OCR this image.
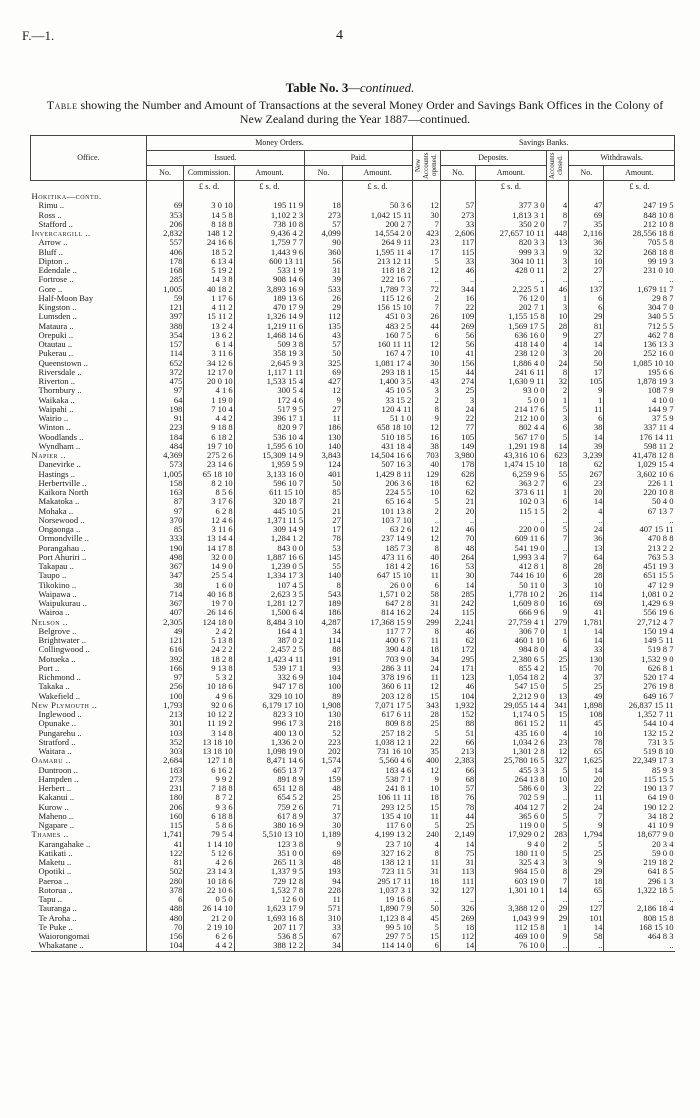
F.—1.	4
Table No. 3—continued.
Table showing the Number and Amount of Transactions at the several Money Order and Savings Bank Offices in the Colony of New Zealand during the Year 1887—continued.
Office.	Money Orders.					Savings Banks.					
	Issued.			Paid.		New Accounts opened.	Deposits.		Accounts closed.	Withdrawals.	
	No.	Commission.	Amount.	No.	Amount.		No.	Amount.		No.	Amount.
		£ s. d.	£ s. d.		£ s. d.			£ s. d.			£ s. d.
Hokitika—contd.											
Rimu ..	69	3 0 10	195 11 9	18	50 3 6	12	57	377 3 0	4	47	247 19 5
Ross ..	353	14 5 8	1,102 2 3	273	1,042 15 11	30	273	1,813 3 1	8	69	848 10 8
Stafford ..	206	8 18 8	738 10 8	57	200 2 7	7	33	350 2 0	7	35	212 10 8
Invercargill ..	2,832	148 1 2	9,436 4 2	4,099	14,554 2 0	423	2,606	27,657 10 11	448	2,116	28,556 18 8
Arrow ..	557	24 16 6	1,759 7 7	90	264 9 11	23	117	820 3 3	13	36	705 5 8
Bluff ..	406	18 5 2	1,443 9 6	360	1,595 11 4	17	115	999 3 3	9	32	268 18 8
Dipton ..	178	6 13 4	600 13 11	56	213 12 11	5	33	304 10 11	3	10	99 19 3
Edendale ..	168	5 19 2	533 1 9	31	118 18 2	12	46	428 0 11	2	27	231 0 10
Fortrose ..	285	14 3 8	908 14 6	39	222 16 7	..	..	..	..	..	..
Gore ..	1,005	40 18 2	3,893 16 9	533	1,789 7 3	72	344	2,225 5 1	46	137	1,679 11 7
Half-Moon Bay	59	1 17 6	189 13 6	26	115 12 6	2	16	76 12 0	1	6	29 8 7
Kingston ..	121	4 11 2	470 17 9	29	156 15 10	7	22	202 7 1	3	6	304 7 0
Lumsden ..	397	15 11 2	1,326 14 9	112	451 0 3	26	109	1,155 15 8	10	29	340 5 5
Mataura ..	388	13 2 4	1,219 11 6	135	483 2 5	44	269	1,569 17 5	28	81	712 5 5
Orepuki ..	354	13 6 2	1,468 14 6	43	160 7 5	6	56	636 16 0	9	27	462 7 8
Otautau ..	157	6 1 4	509 3 8	57	160 11 11	12	56	418 14 0	4	14	136 13 3
Pukerau ..	114	3 11 6	358 19 3	50	167 4 7	10	41	238 12 0	3	20	252 16 0
Queenstown ..	652	34 12 6	2,645 9 3	325	1,081 17 4	30	156	1,886 4 0	24	50	1,085 10 10
Riversdale ..	372	12 17 0	1,117 1 11	69	293 18 1	15	44	241 6 11	8	17	195 6 6
Riverton ..	475	20 0 10	1,533 15 4	427	1,400 3 5	43	274	1,630 9 11	32	105	1,878 19 3
Thornbury ..	97	4 1 6	300 5 4	12	45 10 5	3	25	93 0 0	2	9	108 7 9
Waikaka ..	64	1 19 0	172 4 6	9	33 15 2	2	3	5 0 0	1	1	4 10 0
Waipahi ..	198	7 10 4	517 9 5	27	120 4 11	8	24	214 17 6	5	11	144 9 7
Wairio ..	91	4 4 2	396 17 1	11	51 1 0	9	22	212 10 0	3	6	37 5 9
Winton ..	223	9 18 8	820 9 7	186	658 18 10	12	77	802 4 4	6	38	337 11 4
Woodlands ..	184	6 18 2	536 10 4	130	510 18 5	16	105	567 17 0	5	14	176 14 11
Wyndham ..	484	19 7 10	1,595 6 10	140	431 18 4	38	149	1,291 19 8	14	39	598 11 2
Napier ..	4,369	275 2 6	15,309 14 9	3,843	14,504 16 6	703	3,980	43,316 10 6	623	3,239	41,478 12 8
Danevirke ..	573	23 14 6	1,959 5 9	124	507 16 3	40	178	1,474 15 10	18	62	1,029 15 4
Hastings ..	1,005	65 18 10	3,133 16 0	401	1,429 8 11	129	628	6,259 9 6	55	267	3,602 10 6
Herbertville ..	158	8 2 10	596 10 7	50	206 3 6	18	62	363 2 7	6	23	226 1 1
Kaikora North	163	8 5 6	611 15 10	85	224 5 5	10	62	373 6 11	1	20	220 10 8
Makatoka ..	87	3 17 6	320 18 7	21	65 16 4	5	21	102 0 3	6	14	50 4 0
Mohaka ..	97	6 2 8	445 10 5	21	101 13 8	2	20	115 1 5	2	4	67 13 7
Norsewood ..	370	12 4 6	1,371 11 5	27	103 7 10	..	..	..	..	..	..
Ongaonga ..	85	3 11 6	309 14 9	17	63 2 6	12	46	220 0 0	5	24	407 15 11
Ormondville ..	333	13 14 4	1,284 1 2	78	237 14 9	12	70	609 11 6	7	36	470 8 8
Porangahau ..	190	14 17 8	843 0 0	53	185 7 3	8	48	541 19 0	..	13	213 2 2
Port Ahuriri ..	498	32 0 0	1,887 16 6	145	473 11 6	40	264	1,993 3 4	7	64	763 5 3
Takapau ..	367	14 9 0	1,239 0 5	55	181 4 2	16	53	412 8 1	8	28	451 19 3
Taupo ..	347	25 5 4	1,334 17 3	140	647 15 10	11	30	744 16 10	6	28	651 15 5
Tikokino ..	38	1 6 0	107 4 5	8	26 0 0	6	14	50 11 0	3	10	47 12 9
Waipawa ..	714	40 16 8	2,623 3 5	543	1,571 0 2	58	285	1,778 10 2	26	114	1,081 0 2
Waipukurau ..	367	19 7 0	1,281 12 7	189	647 2 8	31	242	1,609 8 0	16	69	1,429 6 9
Wairoa ..	407	26 14 6	1,500 6 4	186	814 16 2	24	115	666 9 6	9	41	556 19 6
Nelson ..	2,305	124 18 0	8,484 3 10	4,287	17,368 15 9	299	2,241	27,759 4 1	279	1,781	27,712 4 7
Belgrove ..	49	2 4 2	164 4 1	34	117 7 7	8	46	306 7 0	1	14	150 19 4
Brightwater ..	121	5 13 8	387 0 2	114	400 6 7	11	62	460 1 10	6	14	149 5 11
Collingwood ..	616	24 2 2	2,457 2 5	88	390 4 8	18	172	984 8 0	4	33	519 8 7
Motueka ..	392	18 2 8	1,423 4 11	191	703 9 0	34	295	2,380 6 5	25	130	1,532 9 0
Port ..	166	9 13 8	539 17 1	93	286 3 11	24	171	855 4 2	15	70	626 8 1
Richmond ..	97	5 3 2	332 6 9	104	378 19 6	11	123	1,054 18 2	4	37	520 17 4
Takaka ..	256	10 18 6	947 17 8	100	360 6 11	12	46	547 15 0	5	25	276 19 8
Wakefield ..	100	4 9 6	329 10 10	89	203 12 8	15	104	2,212 9 0	13	49	649 16 7
New Plymouth ..	1,793	92 0 6	6,179 17 10	1,908	7,071 17 5	343	1,932	29,055 14 4	341	1,898	26,837 15 11
Inglewood ..	213	10 12 2	823 3 10	130	617 6 11	28	152	1,174 0 5	15	108	1,352 7 11
Opunake ..	301	11 19 2	996 17 3	218	809 8 8	25	88	861 15 2	11	45	544 10 4
Pungarehu ..	103	3 14 8	400 13 0	52	257 18 2	5	51	435 16 0	4	10	132 15 2
Stratford ..	352	13 18 10	1,336 2 0	223	1,038 12 1	22	66	1,034 2 6	23	78	731 3 5
Waitara ..	303	13 18 10	1,098 19 0	202	731 16 10	35	213	1,301 2 8	12	65	519 8 10
Oamaru ..	2,684	127 1 8	8,471 14 6	1,574	5,560 4 6	400	2,383	25,780 16 5	327	1,625	22,349 17 3
Duntroon ..	183	6 16 2	665 13 7	47	183 4 6	12	66	455 3 3	5	14	85 9 3
Hampden ..	273	9 9 2	891 8 9	159	538 7 1	9	68	264 13 8	10	20	115 15 5
Herbert ..	231	7 18 8	651 12 8	48	241 8 1	10	57	586 6 0	3	22	190 13 7
Kakanui ..	180	8 7 2	654 5 2	25	106 11 11	18	76	702 5 9	..	11	64 19 0
Kurow ..	206	9 3 6	759 2 6	71	293 12 5	15	78	404 12 7	2	24	190 12 2
Maheno ..	160	6 18 8	617 8 9	37	135 4 10	11	44	365 6 0	5	7	34 18 2
Ngapare ..	115	5 8 6	380 16 9	30	117 6 0	5	25	119 0 0	5	9	41 10 9
Thames ..	1,741	79 5 4	5,510 13 10	1,189	4,199 13 2	240	2,149	17,929 0 2	283	1,794	18,677 9 0
Karangahake ..	41	1 14 10	123 3 8	9	23 7 10	4	14	9 4 0	2	5	20 3 4
Katikati ..	122	5 12 6	351 0 0	69	327 16 2	8	75	180 11 0	5	25	59 0 0
Maketu ..	81	4 2 6	265 11 3	48	138 12 1	11	31	325 4 3	3	9	219 18 2
Opotiki ..	502	23 14 3	1,337 9 5	193	723 11 5	31	113	984 15 0	8	29	641 8 5
Paeroa ..	280	10 18 6	729 12 8	94	295 17 11	18	111	603 19 0	7	18	296 1 3
Rotorua ..	378	22 10 6	1,532 7 8	228	1,037 3 1	32	127	1,301 10 1	14	65	1,322 18 5
Tapu ..	6	0 5 0	12 6 0	11	19 16 8	..	..	..	..	..	..
Tauranga ..	488	26 14 10	1,623 17 9	571	1,890 7 9	50	326	3,388 12 0	29	127	2,186 18 4
Te Aroha ..	480	21 2 0	1,693 16 8	310	1,123 8 4	45	269	1,043 9 9	29	101	808 15 8
Te Puke ..	70	2 19 10	207 11 7	33	99 5 10	5	18	112 15 8	1	14	168 15 10
Waiorongomai	156	6 2 6	536 8 5	67	297 7 5	15	112	469 10 0	9	58	464 8 3
Whakatane ..	104	4 4 2	388 12 2	34	114 14 0	6	14	76 10 0	..	..	..
